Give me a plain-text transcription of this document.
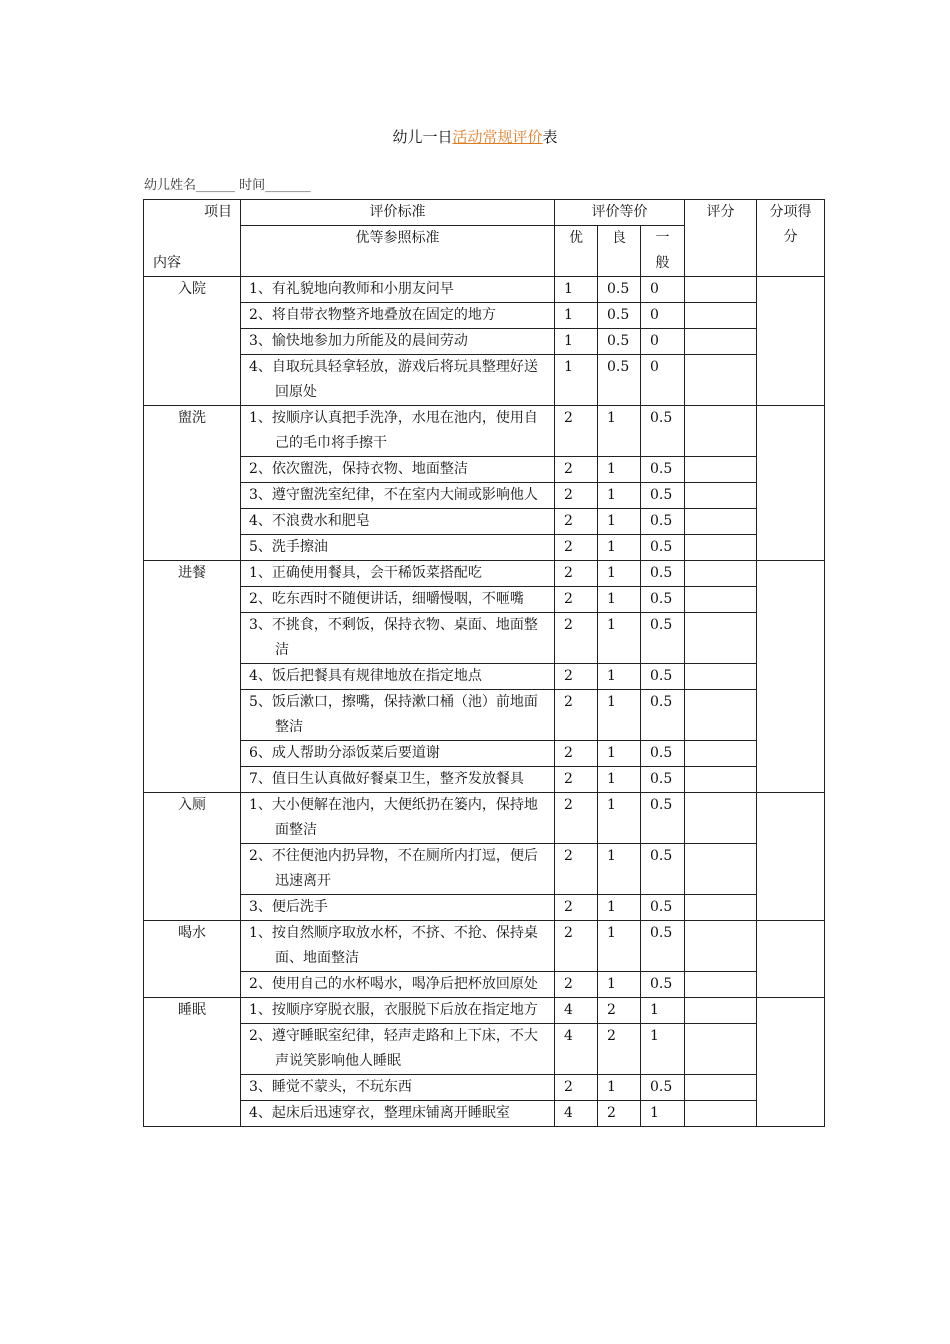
幼儿一日活动常规评价表
幼儿姓名______ 时间_______
项目
内容	评价标准	评价等价			评分	分项得分
	优等参照标准	优	良	一般		
入院	1、有礼貌地向教师和小朋友问早	1	0.5	0		

	2、将自带衣物整齐地叠放在固定的地方	1	0.5	0		

	3、愉快地参加力所能及的晨间劳动	1	0.5	0		

	4、自取玩具轻拿轻放，游戏后将玩具整理好送回原处	1	0.5	0		
盥洗	1、按顺序认真把手洗净，水甩在池内，使用自己的毛巾将手擦干	2	1	0.5		

	2、依次盥洗，保持衣物、地面整洁	2	1	0.5		

	3、遵守盥洗室纪律，不在室内大闹或影响他人	2	1	0.5		

	4、不浪费水和肥皂	2	1	0.5		

	5、洗手擦油	2	1	0.5		
进餐	1、正确使用餐具，会干稀饭菜搭配吃	2	1	0.5		

	2、吃东西时不随便讲话，细嚼慢咽，不咂嘴	2	1	0.5		

	3、不挑食，不剩饭，保持衣物、桌面、地面整洁	2	1	0.5		

	4、饭后把餐具有规律地放在指定地点	2	1	0.5		

	5、饭后漱口，擦嘴，保持漱口桶（池）前地面整洁	2	1	0.5		

	6、成人帮助分添饭菜后要道谢	2	1	0.5		

	7、值日生认真做好餐桌卫生，整齐发放餐具	2	1	0.5		
入厕	1、大小便解在池内，大便纸扔在篓内，保持地面整洁	2	1	0.5		

	2、不往便池内扔异物，不在厕所内打逗，便后迅速离开	2	1	0.5		

	3、便后洗手	2	1	0.5		
喝水	1、按自然顺序取放水杯，不挤、不抢、保持桌面、地面整洁	2	1	0.5		

	2、使用自己的水杯喝水，喝净后把杯放回原处	2	1	0.5		
睡眠	1、按顺序穿脱衣服，衣服脱下后放在指定地方	4	2	1		

	2、遵守睡眠室纪律，轻声走路和上下床，不大声说笑影响他人睡眠	4	2	1		

	3、睡觉不蒙头，不玩东西	2	1	0.5		

	4、起床后迅速穿衣，整理床铺离开睡眠室	4	2	1		
